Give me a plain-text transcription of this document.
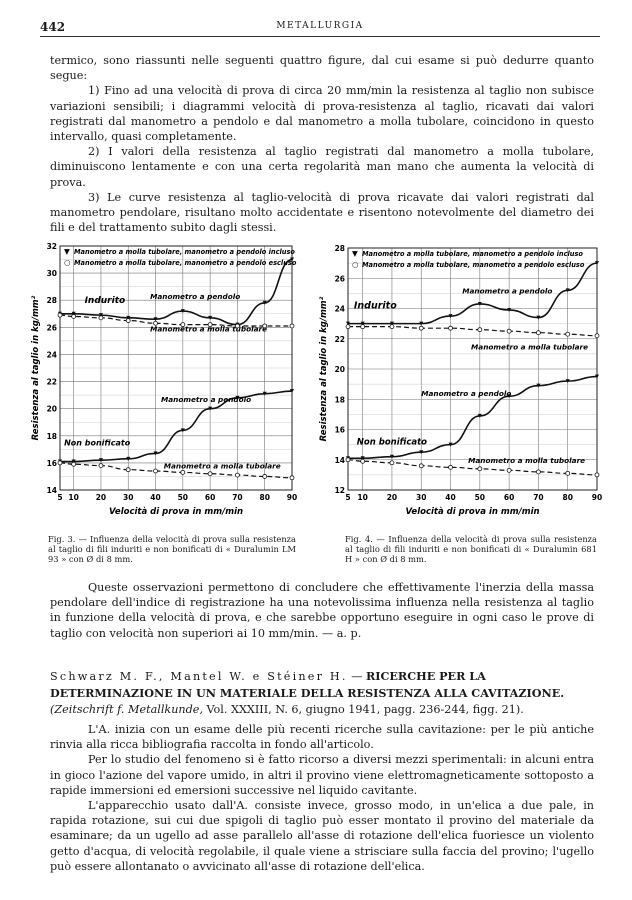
442	METALLURGIA

termico, sono riassunti nelle seguenti quattro figure, dal cui esame si può dedurre quanto segue:

1) Fino ad una velocità di prova di circa 20 mm/min la resistenza al taglio non subisce variazioni sensibili; i diagrammi velocità di prova-resistenza al taglio, ricavati dai valori registrati dal manometro a pendolo e dal manometro a molla tubolare, coincidono in questo intervallo, quasi completamente.

2) I valori della resistenza al taglio registrati dal manometro a molla tubolare, diminuiscono lentamente e con una certa regolarità man mano che aumenta la velocità di prova.

3) Le curve resistenza al taglio-velocità di prova ricavate dai valori registrati dal manometro pendolare, risultano molto accidentate e risentono notevolmente del diametro dei fili e del trattamento subito dagli stessi.

5 10 20 30 40 50 60 70 80 90
14
16
18
20
22
24
26
28
30
32
Resistenza al taglio in kg/mm²
Velocità di prova in mm/min
▼ Manometro a molla tubolare, manometro a pendolo incluso
○ Manometro a molla tubolare, manometro a pendolo escluso
Indurito	Manometro a pendolo
Manometro a molla tubolare
Non bonificato
Manometro a pendolo
Manometro a molla tubolare
5 10	20	30	40	50	60	70	80	90
12
14
16
18
20
22
24
26
28
Resistenza al taglio in kg/mm²
Velocità di prova in mm/min
▼ Manometro a molla tubolare, manometro a pendolo incluso
○ Manometro a molla tubolare, manometro a pendolo escluso
Indurito
Manometro a pendolo
Manometro a molla tubolare
Non bonificato
Manometro a pendolo
Manometro a molla tubolare
Fig. 3. — Influenza della velocità di prova sulla resistenza al taglio di fili induriti e non bonificati di « Duralumin LM 93 » con Ø di 8 mm.
Fig. 4. — Influenza della velocità di prova sulla resistenza al taglio di fili induriti e non bonificati di « Duralumin 681 H » con Ø di 8 mm.

Queste osservazioni permettono di concludere che effettivamente l'inerzia della massa pendolare dell'indice di registrazione ha una notevolissima influenza nella resistenza al taglio in funzione della velocità di prova, e che sarebbe opportuno eseguire in ogni caso le prove di taglio con velocità non superiori ai 10 mm/min. — a. p.

Schwarz M. F., Mantel W. e Stéiner H. — RICERCHE PER LA DETERMINAZIONE IN UN MATERIALE DELLA RESISTENZA ALLA CAVITAZIONE. (Zeitschrift f. Metallkunde, Vol. XXXIII, N. 6, giugno 1941, pagg. 236-244, figg. 21).

L'A. inizia con un esame delle più recenti ricerche sulla cavitazione: per le più antiche rinvia alla ricca bibliografia raccolta in fondo all'articolo.

Per lo studio del fenomeno si è fatto ricorso a diversi mezzi sperimentali: in alcuni entra in gioco l'azione del vapore umido, in altri il provino viene elettromagneticamente sottoposto a rapide immersioni ed emersioni successive nel liquido cavitante.

L'apparecchio usato dall'A. consiste invece, grosso modo, in un'elica a due pale, in rapida rotazione, sui cui due spigoli di taglio può esser montato il provino del materiale da esaminare; da un ugello ad asse parallelo all'asse di rotazione dell'elica fuoriesce un violento getto d'acqua, di velocità regolabile, il quale viene a strisciare sulla faccia del provino; l'ugello può essere allontanato o avvicinato all'asse di rotazione dell'elica.
